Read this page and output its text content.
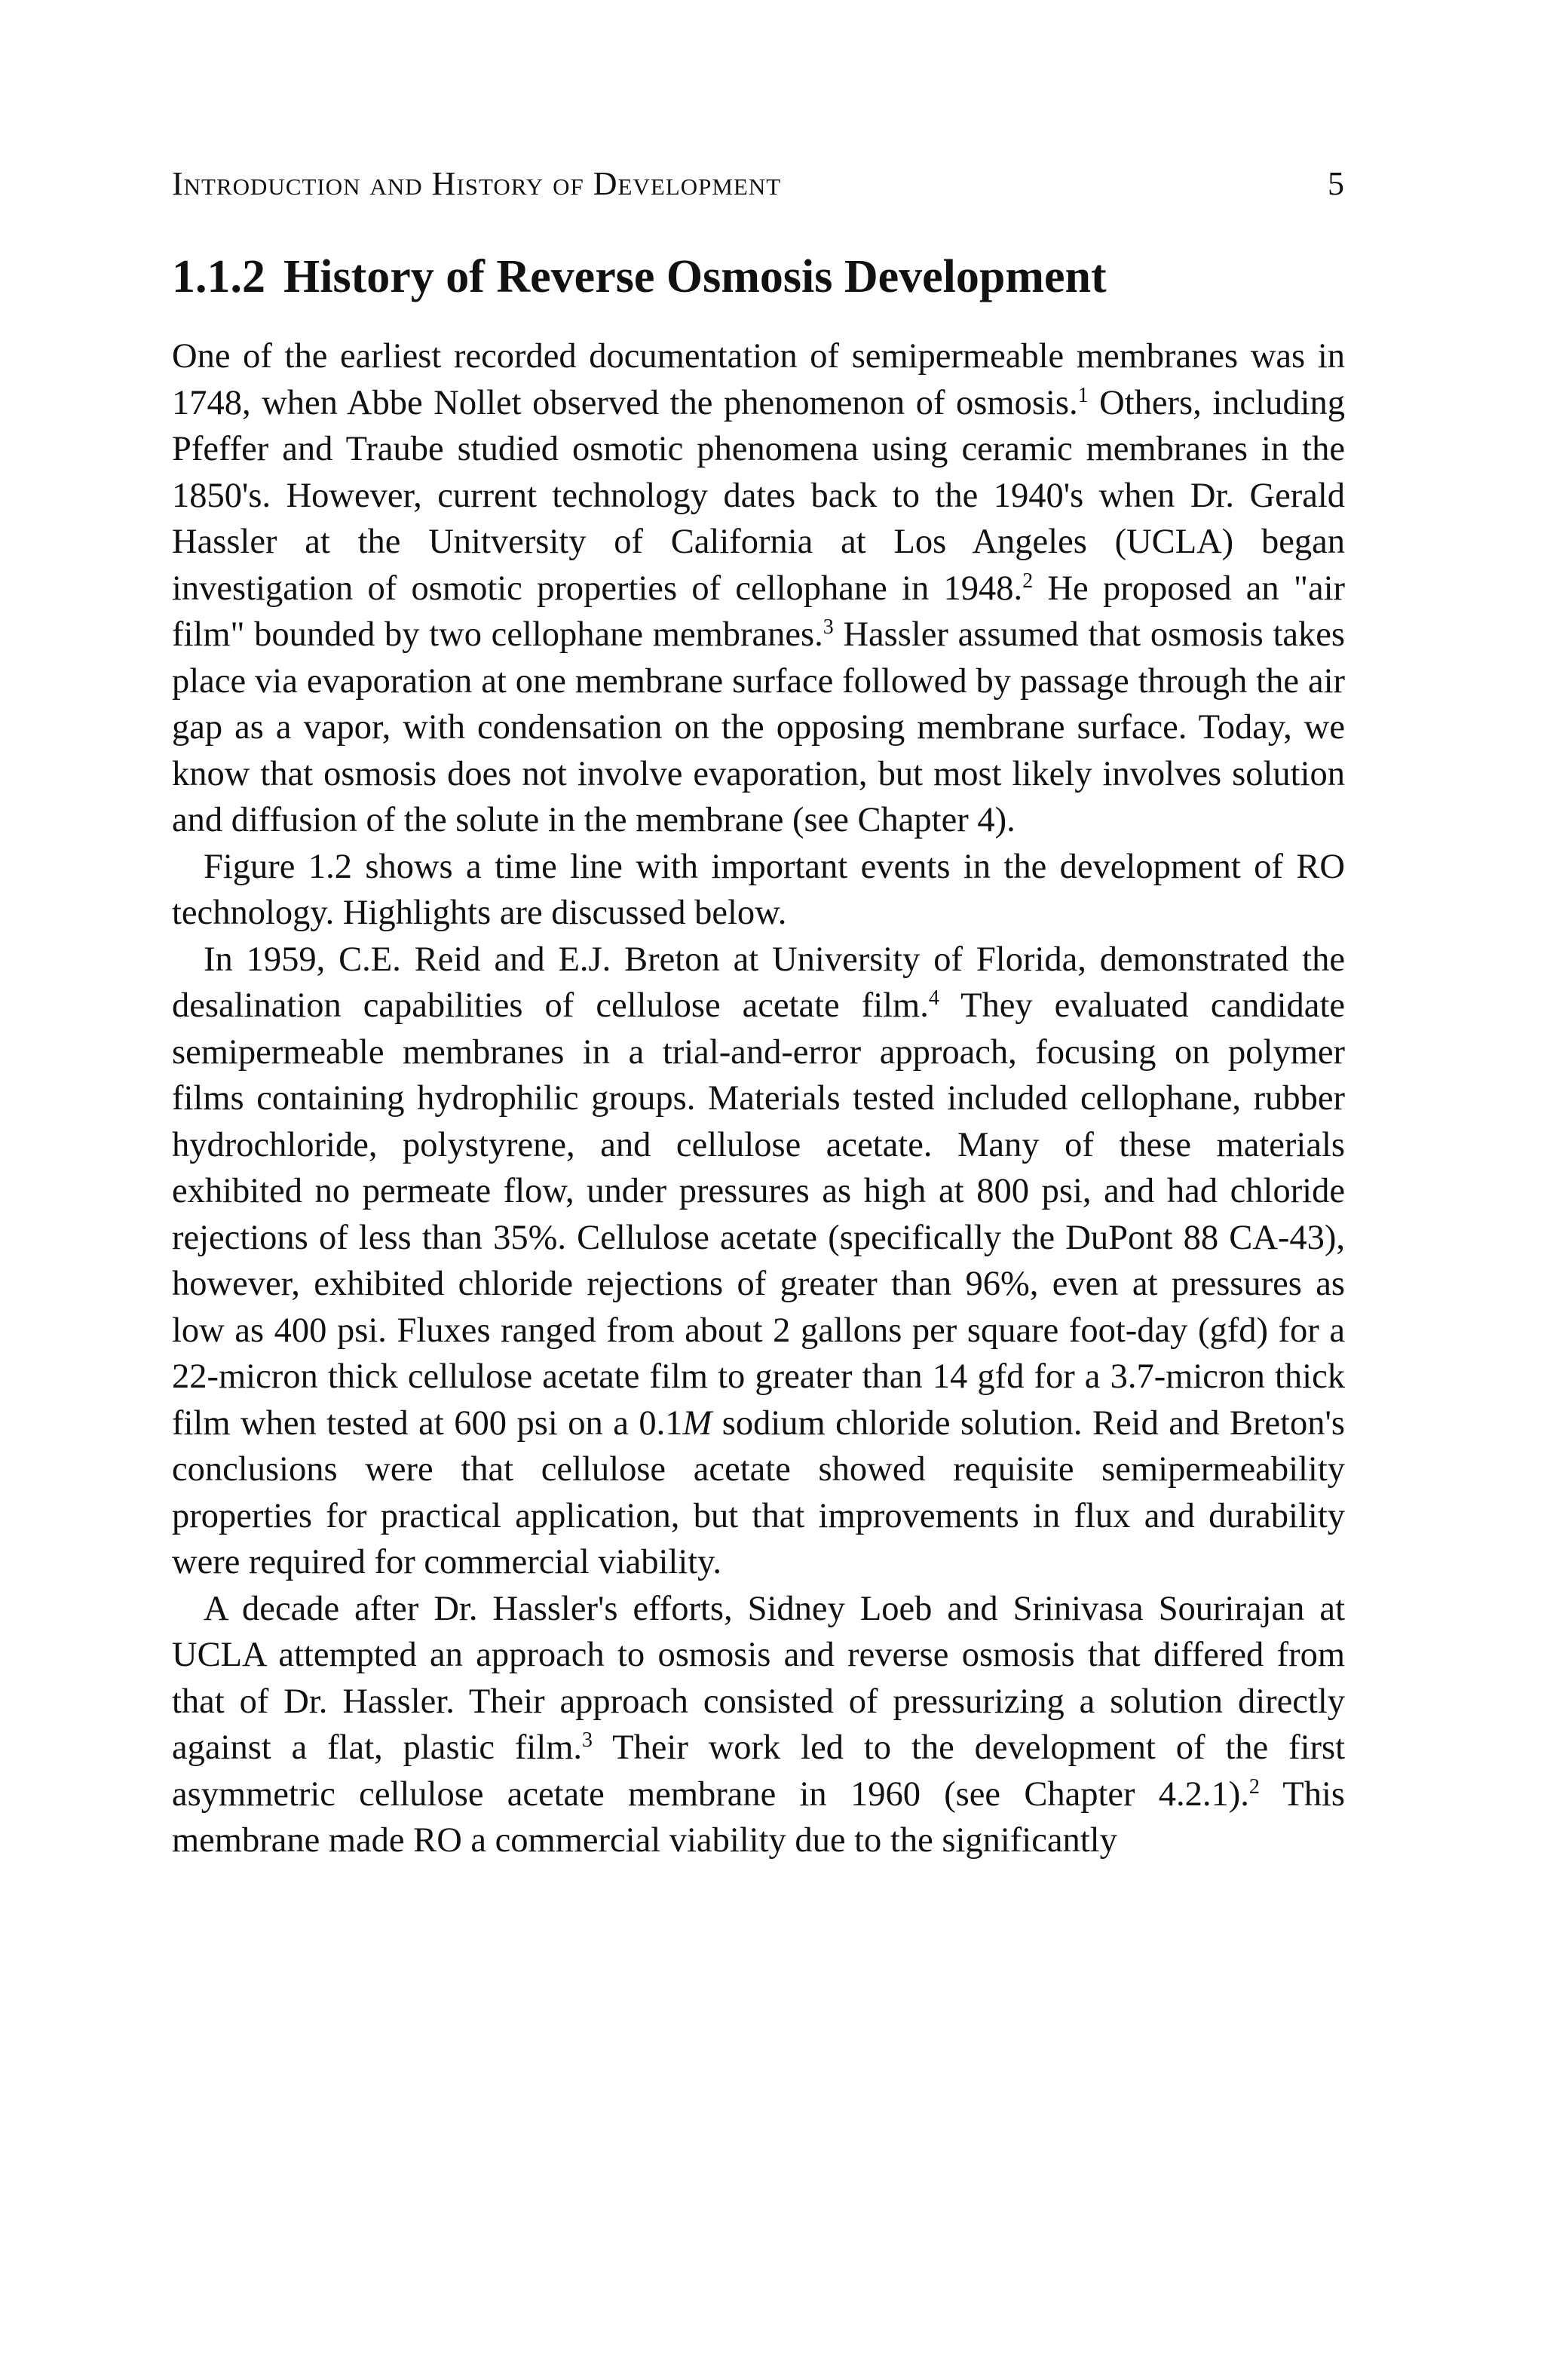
Introduction and History of Development	5
1.1.2 History of Reverse Osmosis Development

One of the earliest recorded documentation of semipermeable membranes was in 1748, when Abbe Nollet observed the phenomenon of osmosis.$^1$ Others, including Pfeffer and Traube studied osmotic phenomena using ceramic membranes in the 1850's. However, current technology dates back to the 1940's when Dr. Gerald Hassler at the Unitversity of California at Los Angeles (UCLA) began investigation of osmotic properties of cellophane in 1948.$^2$ He proposed an "air film" bounded by two cellophane membranes.$^3$ Hassler assumed that osmosis takes place via evaporation at one membrane surface followed by passage through the air gap as a vapor, with condensation on the opposing membrane surface. Today, we know that osmosis does not involve evaporation, but most likely involves solution and diffusion of the solute in the membrane (see Chapter 4).

Figure 1.2 shows a time line with important events in the development of RO technology. Highlights are discussed below.

In 1959, C.E. Reid and E.J. Breton at University of Florida, demonstrated the desalination capabilities of cellulose acetate film.$^4$ They evaluated candidate semipermeable membranes in a trial-and-error approach, focusing on polymer films containing hydrophilic groups. Materials tested included cellophane, rubber hydrochloride, polystyrene, and cellulose acetate. Many of these materials exhibited no permeate flow, under pressures as high at 800 psi, and had chloride rejections of less than 35%. Cellulose acetate (specifically the DuPont 88 CA-43), however, exhibited chloride rejections of greater than 96%, even at pressures as low as 400 psi. Fluxes ranged from about 2 gallons per square foot-day (gfd) for a 22-micron thick cellulose acetate film to greater than 14 gfd for a 3.7-micron thick film when tested at 600 psi on a 0.1M sodium chloride solution. Reid and Breton's conclusions were that cellulose acetate showed requisite semipermeability properties for practical application, but that improvements in flux and durability were required for commercial viability.

A decade after Dr. Hassler's efforts, Sidney Loeb and Srinivasa Sourirajan at UCLA attempted an approach to osmosis and reverse osmosis that differed from that of Dr. Hassler. Their approach consisted of pressurizing a solution directly against a flat, plastic film.$^3$ Their work led to the development of the first asymmetric cellulose acetate membrane in 1960 (see Chapter 4.2.1).$^2$ This membrane made RO a commercial viability due to the significantly
